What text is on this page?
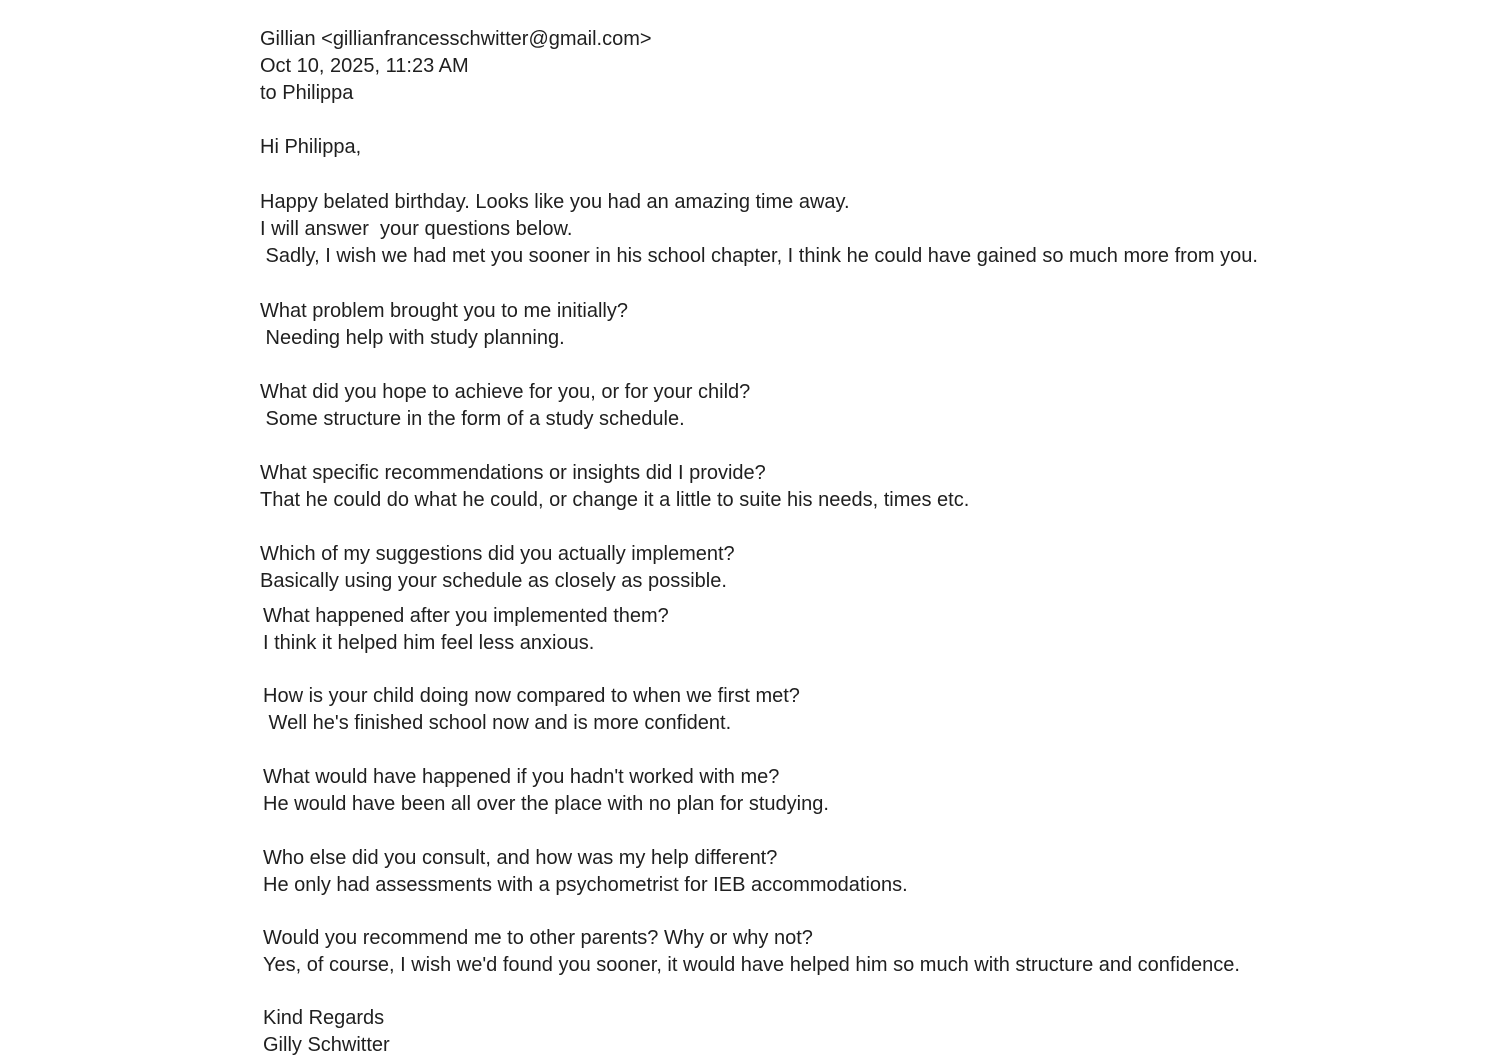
Gillian <gillianfrancesschwitter@gmail.com>
Oct 10, 2025, 11:23 AM
to Philippa
Hi Philippa,
Happy belated birthday. Looks like you had an amazing time away.
I will answer  your questions below.
Sadly, I wish we had met you sooner in his school chapter, I think he could have gained so much more from you.
What problem brought you to me initially?
Needing help with study planning.
What did you hope to achieve for you, or for your child?
Some structure in the form of a study schedule.
What specific recommendations or insights did I provide?
That he could do what he could, or change it a little to suite his needs, times etc.
Which of my suggestions did you actually implement?
Basically using your schedule as closely as possible.
What happened after you implemented them?
I think it helped him feel less anxious.
How is your child doing now compared to when we first met?
Well he's finished school now and is more confident.
What would have happened if you hadn't worked with me?
He would have been all over the place with no plan for studying.
Who else did you consult, and how was my help different?
He only had assessments with a psychometrist for IEB accommodations.
Would you recommend me to other parents? Why or why not?
Yes, of course, I wish we'd found you sooner, it would have helped him so much with structure and confidence.
Kind Regards
Gilly Schwitter
